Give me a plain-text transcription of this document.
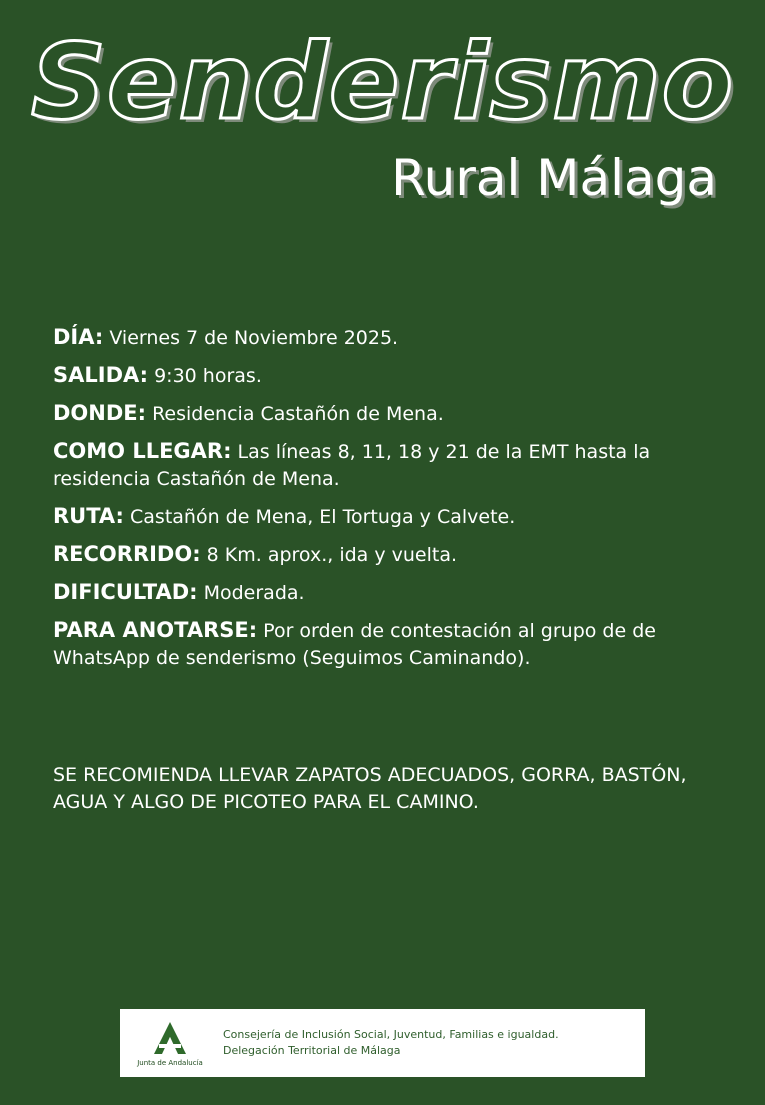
Senderismo
Rural Málaga
DÍA: Viernes 7 de Noviembre 2025.
SALIDA: 9:30 horas.
DONDE: Residencia Castañón de Mena.
COMO LLEGAR: Las líneas 8, 11, 18 y 21 de la EMT hasta la residencia Castañón de Mena.
RUTA: Castañón de Mena, El Tortuga y Calvete.
RECORRIDO: 8 Km. aprox., ida y vuelta.
DIFICULTAD: Moderada.
PARA ANOTARSE: Por orden de contestación al grupo de de WhatsApp de senderismo (Seguimos Caminando).
SE RECOMIENDA LLEVAR ZAPATOS ADECUADOS, GORRA, BASTÓN, AGUA Y ALGO DE PICOTEO PARA EL CAMINO.
Junta de Andalucía
Consejería de Inclusión Social, Juventud, Familias e igualdad.
Delegación Territorial de Málaga
